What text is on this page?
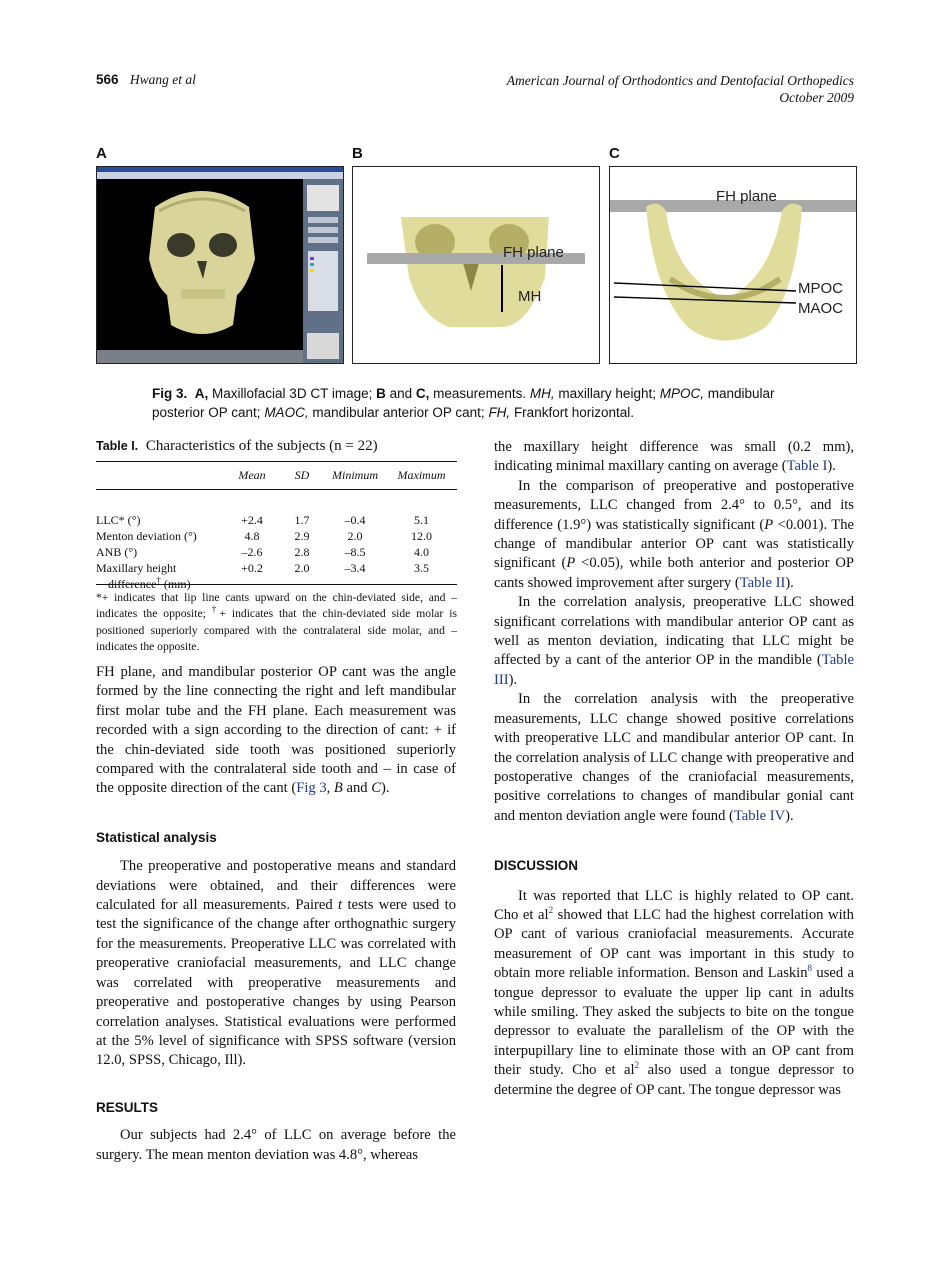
566 Hwang et al	American Journal of Orthodontics and Dentofacial Orthopedics
October 2009
A	B	C
FH plane
MH
FH plane
MPOC
MAOC
Fig 3. A, Maxillofacial 3D CT image; B and C, measurements. MH, maxillary height; MPOC, mandibular posterior OP cant; MAOC, mandibular anterior OP cant; FH, Frankfort horizontal.
Table I. Characteristics of the subjects (n = 22)
	Mean	SD	Minimum	Maximum

LLC* (°)	+2.4	1.7	–0.4	5.1
Menton deviation (°)	4.8	2.9	2.0	12.0
ANB (°)	–2.6	2.8	–8.5	4.0
Maxillary height	+0.2	2.0	–3.4	3.5
difference† (mm)				
*+ indicates that lip line cants upward on the chin-deviated side, and – indicates the opposite; †+ indicates that the chin-deviated side molar is positioned superiorly compared with the contralateral side molar, and – indicates the opposite.

FH plane, and mandibular posterior OP cant was the angle formed by the line connecting the right and left mandibular first molar tube and the FH plane. Each measurement was recorded with a sign according to the direction of cant: + if the chin-deviated side tooth was positioned superiorly compared with the contralateral side tooth and – in case of the opposite direction of the cant (Fig 3, B and C).

Statistical analysis

The preoperative and postoperative means and standard deviations were obtained, and their differences were calculated for all measurements. Paired t tests were used to test the significance of the change after orthognathic surgery for the measurements. Preoperative LLC was correlated with preoperative craniofacial measurements, and LLC change was correlated with preoperative measurements and preoperative and postoperative changes by using Pearson correlation analyses. Statistical evaluations were performed at the 5% level of significance with SPSS software (version 12.0, SPSS, Chicago, Ill).

RESULTS

Our subjects had 2.4° of LLC on average before the surgery. The mean menton deviation was 4.8°, whereas

the maxillary height difference was small (0.2 mm), indicating minimal maxillary canting on average (Table I).

In the comparison of preoperative and postoperative measurements, LLC changed from 2.4° to 0.5°, and its difference (1.9°) was statistically significant (P <0.001). The change of mandibular anterior OP cant was statistically significant (P <0.05), while both anterior and posterior OP cants showed improvement after surgery (Table II).

In the correlation analysis, preoperative LLC showed significant correlations with mandibular anterior OP cant as well as menton deviation, indicating that LLC might be affected by a cant of the anterior OP in the mandible (Table III).

In the correlation analysis with the preoperative measurements, LLC change showed positive correlations with preoperative LLC and mandibular anterior OP cant. In the correlation analysis of LLC change with preoperative and postoperative changes of the craniofacial measurements, positive correlations to changes of mandibular gonial cant and menton deviation angle were found (Table IV).

DISCUSSION

It was reported that LLC is highly related to OP cant. Cho et $al^2$ showed that LLC had the highest correlation with OP cant of various craniofacial measurements. Accurate measurement of OP cant was important in this study to obtain more reliable information. Benson and Laskin$^8$ used a tongue depressor to evaluate the upper lip cant in adults while smiling. They asked the subjects to bite on the tongue depressor to evaluate the parallelism of the OP with the interpupillary line to eliminate those with an OP cant from their study. Cho et $al^2$ also used a tongue depressor to determine the degree of OP cant. The tongue depressor was
